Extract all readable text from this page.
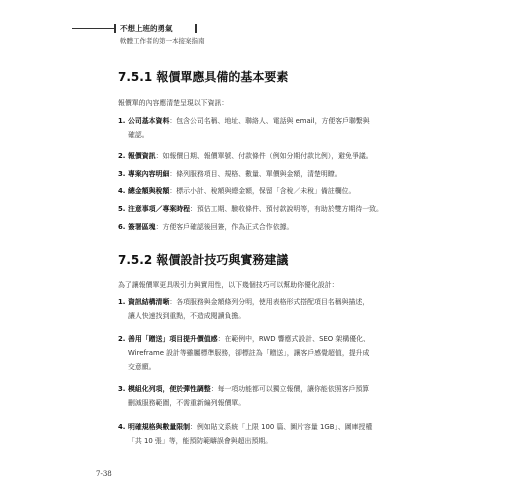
不想上班的勇氣
軟體工作者的第一本接案指南
7.5.1 報價單應具備的基本要素
報價單的內容應清楚呈現以下資訊：
1. 公司基本資料：包含公司名稱、地址、聯絡人、電話與 email，方便客戶聯繫與
確認。
2. 報價資訊：如報價日期、報價單號、付款條件（例如分期付款比例），避免爭議。
3. 專案內容明細：條列服務項目、規格、數量、單價與金額，清楚明瞭。
4. 總金額與稅額：標示小計、稅額與總金額，保留「含稅／未稅」備註欄位。
5. 注意事項／專案時程：預估工期、驗收條件、預付款說明等，有助於雙方期待一致。
6. 簽署區塊：方便客戶確認後回簽，作為正式合作依據。
7.5.2 報價設計技巧與實務建議
為了讓報價單更具吸引力與實用性，以下幾個技巧可以幫助你優化設計：
1. 資訊結構清晰：各項服務與金額條列分明，使用表格形式搭配項目名稱與描述，
讓人快速找到重點，不造成閱讀負擔。
2. 善用「贈送」項目提升價值感：在範例中，RWD 響應式設計、SEO 架構優化、
Wireframe 設計等雖屬標準服務，卻標註為「贈送」，讓客戶感覺超值，提升成
交意願。
3. 模組化列項，便於彈性調整：每一項功能都可以獨立報價，讓你能依照客戶預算
刪減服務範圍，不需重新編列報價單。
4. 明確規格與數量限制：例如貼文系統「上限 100 篇、圖片容量 1GB」、圖庫授權
「共 10 張」等，能預防範疇誤會與超出預期。
7-38
